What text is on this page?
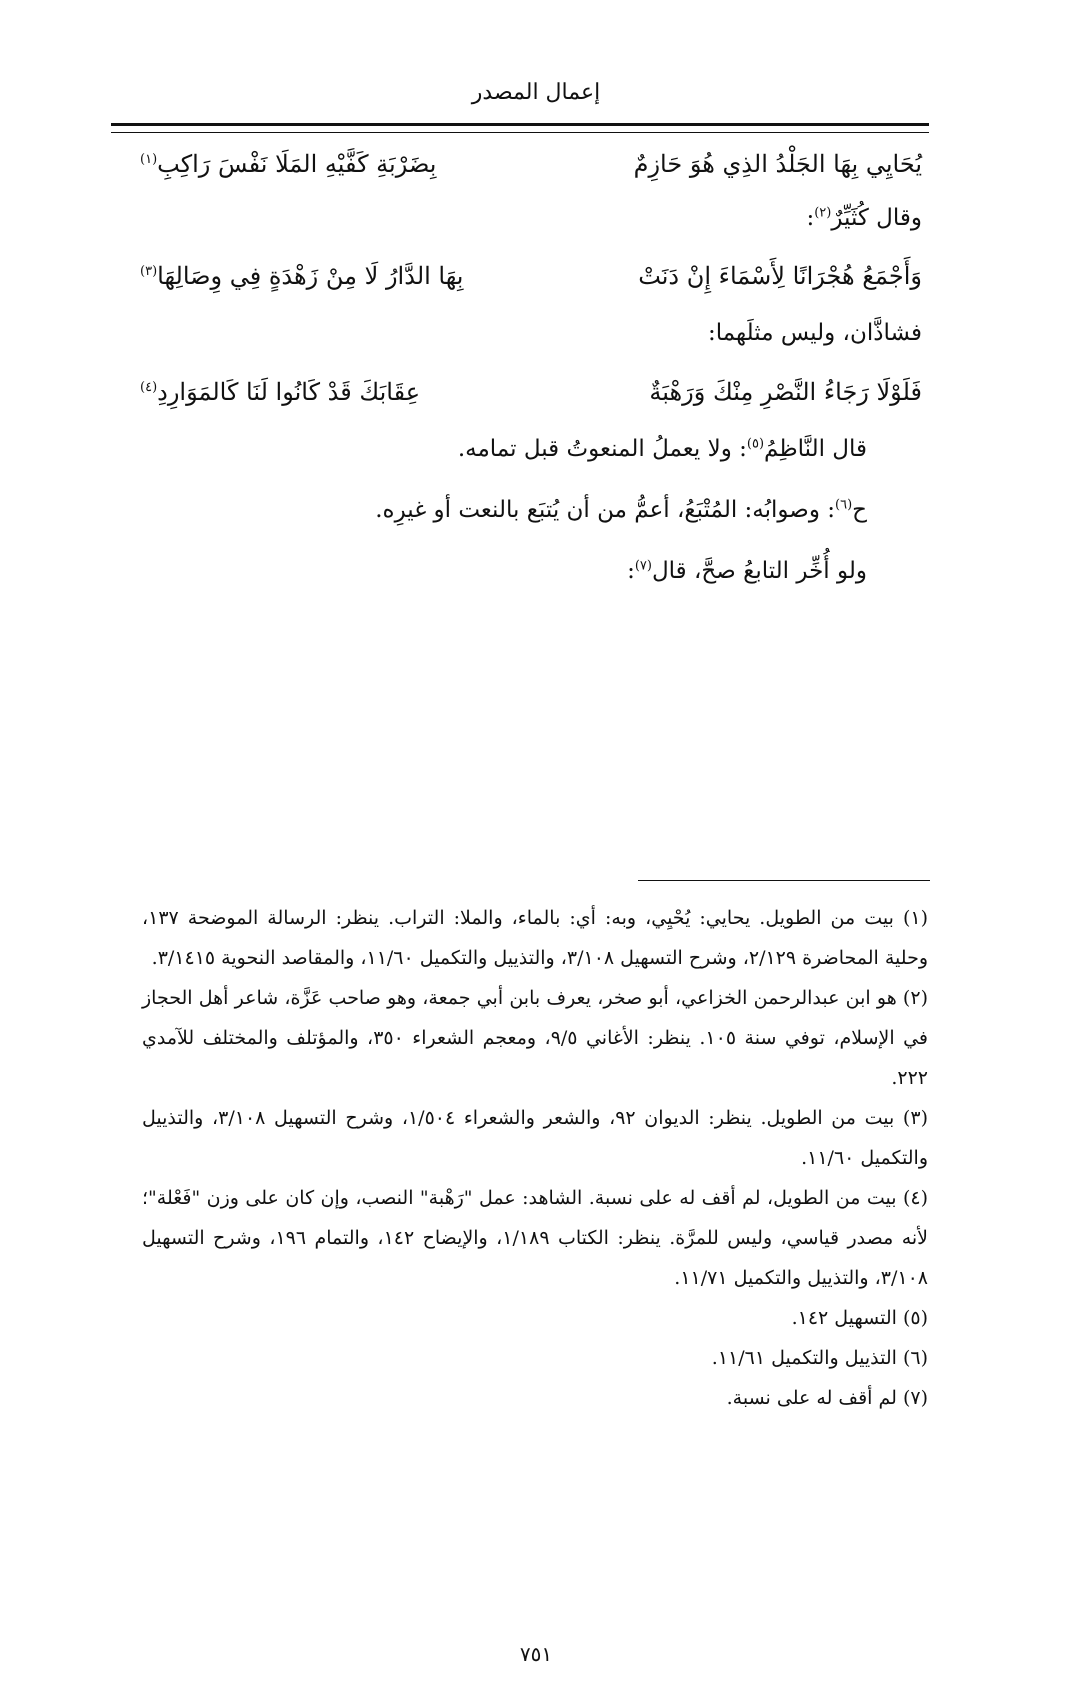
إعمال المصدر
يُحَايِي بِهَا الجَلْدُ الذِي هُوَ حَازِمٌ
بِضَرْبَةِ كَفَّيْهِ المَلَا نَفْسَ رَاكِبِ$^{(١)}$
وقال كُثَيِّرٌ$^{(٢)}$:
وَأَجْمَعُ هُجْرَانًا لِأَسْمَاءَ إِنْ دَنَتْ
بِهَا الدَّارُ لَا مِنْ زَهْدَةٍ فِي وِصَالِهَا$^{(٣)}$
فشاذَّان، وليس مثلَهما:
فَلَوْلَا رَجَاءُ النَّصْرِ مِنْكَ وَرَهْبَةٌ
عِقَابَكَ قَدْ كَانُوا لَنَا كَالمَوَارِدِ$^{(٤)}$
قال النَّاظِمُ$^{(٥)}$: ولا يعملُ المنعوتُ قبل تمامه.
ح$^{(٦)}$: وصوابُه: المُتْبَعُ، أعمُّ من أن يُتبَع بالنعت أو غيرِه.
ولو أُخِّر التابعُ صحَّ، قال$^{(٧)}$:

(١) بيت من الطويل. يحايي: يُحْيِي، وبه: أي: بالماء، والملا: التراب. ينظر: الرسالة الموضحة ١٣٧، وحلية المحاضرة ٢/١٢٩، وشرح التسهيل ٣/١٠٨، والتذييل والتكميل ١١/٦٠، والمقاصد النحوية ٣/١٤١٥.

(٢) هو ابن عبدالرحمن الخزاعي، أبو صخر، يعرف بابن أبي جمعة، وهو صاحب عَزَّة، شاعر أهل الحجاز في الإسلام، توفي سنة ١٠٥. ينظر: الأغاني ٩/٥، ومعجم الشعراء ٣٥٠، والمؤتلف والمختلف للآمدي ٢٢٢.

(٣) بيت من الطويل. ينظر: الديوان ٩٢، والشعر والشعراء ١/٥٠٤، وشرح التسهيل ٣/١٠٨، والتذييل والتكميل ١١/٦٠.

(٤) بيت من الطويل، لم أقف له على نسبة. الشاهد: عمل "رَهْبة" النصب، وإن كان على وزن "فَعْلة"؛ لأنه مصدر قياسي، وليس للمرَّة. ينظر: الكتاب ١/١٨٩، والإيضاح ١٤٢، والتمام ١٩٦، وشرح التسهيل ٣/١٠٨، والتذييل والتكميل ١١/٧١.

(٥) التسهيل ١٤٢.

(٦) التذييل والتكميل ١١/٦١.

(٧) لم أقف له على نسبة.

٧٥١
